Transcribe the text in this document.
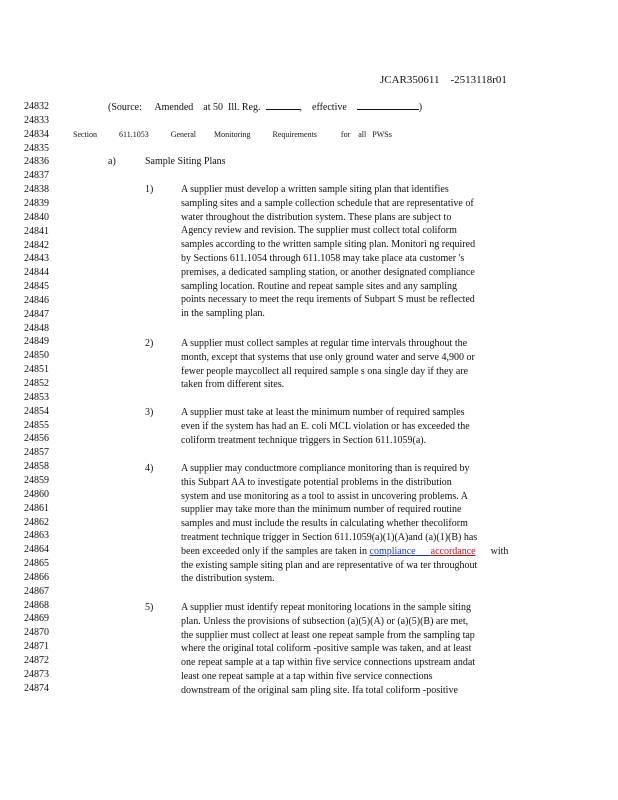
JCAR350611 -2513118r01
24832
24833
24834
24835
24836
24837
24838
24839
24840
24841
24842
24843
24844
24845
24846
24847
24848
24849
24850
24851
24852
24853
24854
24855
24856
24857
24858
24859
24860
24861
24862
24863
24864
24865
24866
24867
24868
24869
24870
24871
24872
24873
24874
(Source: Amended at 50 Ill. Reg.	,    effective	)
Section	611.1053	General Monitoring	Requirements	for all PWSs
a)	Sample Siting Plans
1)	A supplier must develop a written sample siting plan that identifies
sampling sites and a sample collection schedule that are representative of
water throughout the distribution system. These plans are subject to
Agency review and revision. The supplier must collect total coliform
samples according to the written sample siting plan. Monitori ng required
by Sections 611.1054 through 611.1058 may take place ata customer 's
premises, a dedicated sampling station, or another designated compliance
sampling location. Routine and repeat sample sites and any sampling
points necessary to meet the requ irements of Subpart S must be reflected
in the sampling plan.
2)	A supplier must collect samples at regular time intervals throughout the
month, except that systems that use only ground water and serve 4,900 or
fewer people maycollect all required sample s ona single day if they are
taken from different sites.
3)	A supplier must take at least the minimum number of required samples
even if the system has had an E. coli MCL violation or has exceeded the
coliform treatment technique triggers in Section 611.1059(a).
4)	A supplier may conductmore compliance monitoring than is required by
this Subpart AA to investigate potential problems in the distribution
system and use monitoring as a tool to assist in uncovering problems. A
supplier may take more than the minimum number of required routine
samples and must include the results in calculating whether thecoliform
treatment technique trigger in Section 611.1059(a)(1)(A)and (a)(1)(B) has
been exceeded only if the samples are taken in compliance accordance with
the existing sample siting plan and are representative of wa ter throughout
the distribution system.
5)	A supplier must identify repeat monitoring locations in the sample siting
plan. Unless the provisions of subsection (a)(5)(A) or (a)(5)(B) are met,
the supplier must collect at least one repeat sample from the sampling tap
where the original total coliform -positive sample was taken, and at least
one repeat sample at a tap within five service connections upstream andat
least one repeat sample at a tap within five service connections
downstream of the original sam pling site. Ifa total coliform -positive
